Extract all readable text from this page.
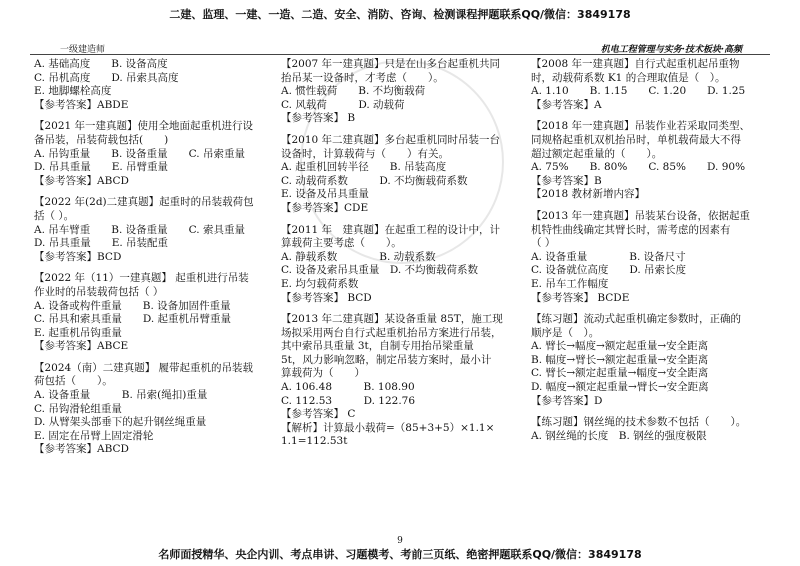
二建、监理、一建、一造、二造、安全、消防、咨询、检测课程押题联系QQ/微信：3849178
一级建造师	机电工程管理与实务·技术板块·高频
A. 基础高度　　B. 设备高度
C. 吊机高度　　D. 吊索具高度
E. 地脚螺栓高度
【参考答案】ABDE
【2021 年一建真题】使用全地面起重机进行设
备吊装，吊装荷载包括(　　)
A. 吊钩重量　　B. 设备重量　　C. 吊索重量
D. 吊具重量　　E. 吊臂重量
【参考答案】ABCD
【2022 年(2d)二建真题】起重时的吊装载荷包
括（ ）。
A. 吊车臂重　　B. 设备重量　　C. 索具重量
D. 吊具重量　　E. 吊装配重
【参考答案】BCD
【2022 年（11）一建真题】 起重机进行吊装
作业时的吊装载荷包括（ ）
A. 设备或构件重量　　B. 设备加固件重量
C. 吊具和索具重量　　D. 起重机吊臂重量
E. 起重机吊钩重量
【参考答案】ABCE
【2024（南）二建真题】 履带起重机的吊装载
荷包括（　　）。
A. 设备重量　　　B. 吊索(绳扣)重量
C. 吊钩滑轮组重量
D. 从臂架头部垂下的起升钢丝绳重量
E. 固定在吊臂上固定滑轮
【参考答案】ABCD
【2007 年一建真题】只是在山多台起重机共同
抬吊某一设备时，才考虑（　　）。
A. 惯性载荷　　B. 不均衡载荷
C. 风载荷　　　D. 动载荷
【参考答案】 B
【2010 年二建真题】多台起重机同时吊装一台
设备时，计算载荷与（　　）有关。
A. 起重机回转半径　　B. 吊装高度
C. 动载荷系数　　　D. 不均衡载荷系数
E. 设备及吊具重量
【参考答案】CDE
【2011 年　建真题】在起重工程的设计中，计
算载荷主要考虑（　　）。
A. 静载系数　　　　B. 动载系数
C. 设备及索吊具重量　D. 不均衡载荷系数
E. 均匀载荷系数
【参考答案】 BCD
【2013 年二建真题】某设备重量 85T，施工现
场拟采用两台自行式起重机抬吊方案进行吊装，
其中索吊具重量 3t，自制专用抬吊梁重量
5t，风力影响忽略，制定吊装方案时，最小计
算载荷为（　　）
A. 106.48　　　B. 108.90
C. 112.53　　　D. 122.76
【参考答案】 C
【解析】计算最小载荷=（85+3+5）×1.1×
1.1=112.53t
【2008 年一建真题】自行式起重机起吊重物
时，动载荷系数 K1 的合理取值是（　）。
A. 1.10　　B. 1.15　　C. 1.20　　D. 1.25
【参考答案】A
【2018 年一建真题】吊装作业若采取同类型、
同规格起重机双机抬吊时，单机载荷最大不得
超过额定起重量的（　　）。
A. 75%　　B. 80%　　C. 85%　　D. 90%
【参考答案】B
【2018 教材新增内容】
【2013 年一建真题】吊装某台设备，依据起重
机特性曲线确定其臂长时，需考虑的因素有
（ ）
A. 设备重量　　　　B. 设备尺寸
C. 设备就位高度　　D. 吊索长度
E. 吊车工作幅度
【参考答案】 BCDE
【练习题】流动式起重机确定参数时，正确的
顺序是（　）。
A. 臂长→幅度→额定起重量→安全距离
B. 幅度→臂长→额定起重量→安全距离
C. 臂长→额定起重量→幅度→安全距离
D. 幅度→额定起重量→臂长→安全距离
【参考答案】D
【练习题】钢丝绳的技术参数不包括（　　）。
A. 钢丝绳的长度　B. 钢丝的强度极限
9
名师面授精华、央企内训、考点串讲、习题模考、考前三页纸、绝密押题联系QQ/微信：3849178
